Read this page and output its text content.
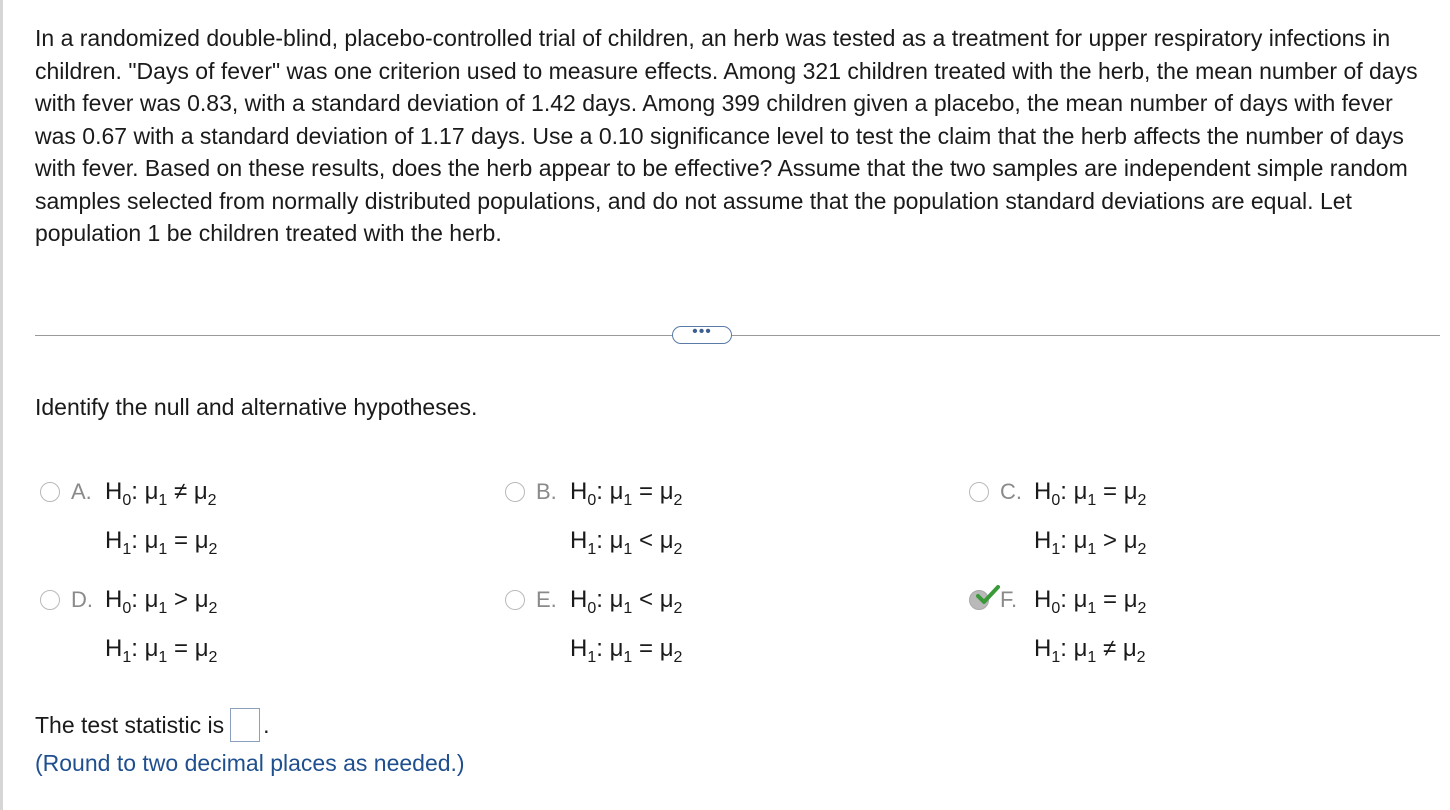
In a randomized double-blind, placebo-controlled trial of children, an herb was tested as a treatment for upper respiratory infections in children. "Days of fever" was one criterion used to measure effects. Among 321 children treated with the herb, the mean number of days with fever was 0.83, with a standard deviation of 1.42 days. Among 399 children given a placebo, the mean number of days with fever was 0.67 with a standard deviation of 1.17 days. Use a 0.10 significance level to test the claim that the herb affects the number of days with fever. Based on these results, does the herb appear to be effective? Assume that the two samples are independent simple random samples selected from normally distributed populations, and do not assume that the population standard deviations are equal. Let population 1 be children treated with the herb.
•••
Identify the null and alternative hypotheses.
A. $H_0$: $\mu_1 \ne \mu_2$
$H_1$: $\mu_1 = \mu_2$
B. $H_0$: $\mu_1 = \mu_2$
$H_1$: $\mu_1 < \mu_2$
C. $H_0$: $\mu_1 = \mu_2$
$H_1$: $\mu_1 > \mu_2$
D. $H_0$: $\mu_1 > \mu_2$
$H_1$: $\mu_1 = \mu_2$
E. $H_0$: $\mu_1 < \mu_2$
$H_1$: $\mu_1 = \mu_2$
F. $H_0$: $\mu_1 = \mu_2$
$H_1$: $\mu_1 \ne \mu_2$
The test statistic is .
(Round to two decimal places as needed.)
